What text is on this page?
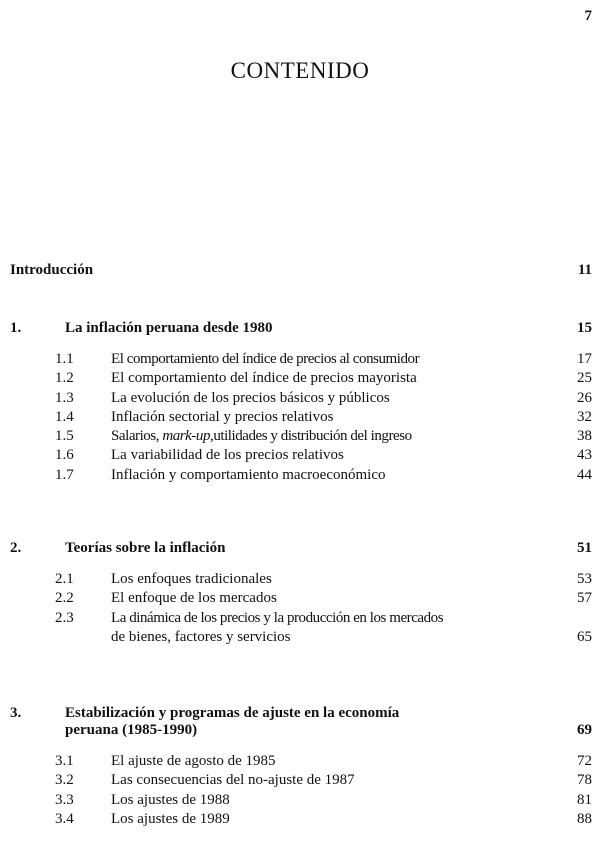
7
CONTENIDO
Introducción	11
1.	La inflación peruana desde 1980	15
1.1	El comportamiento del índice de precios al consumidor	17
1.2	El comportamiento del índice de precios mayorista	25
1.3	La evolución de los precios básicos y públicos	26
1.4	Inflación sectorial y precios relativos	32
1.5	Salarios, mark-up,utilidades y distribución del ingreso	38
1.6	La variabilidad de los precios relativos	43
1.7	Inflación y comportamiento macroeconómico	44
2.	Teorías sobre la inflación	51
2.1	Los enfoques tradicionales	53
2.2	El enfoque de los mercados	57
2.3	La dinámica de los precios y la producción en los mercados
de bienes, factores y servicios	65
3.	Estabilización y programas de ajuste en la economía
peruana (1985-1990)	69
3.1	El ajuste de agosto de 1985	72
3.2	Las consecuencias del no-ajuste de 1987	78
3.3	Los ajustes de 1988	81
3.4	Los ajustes de 1989	88
